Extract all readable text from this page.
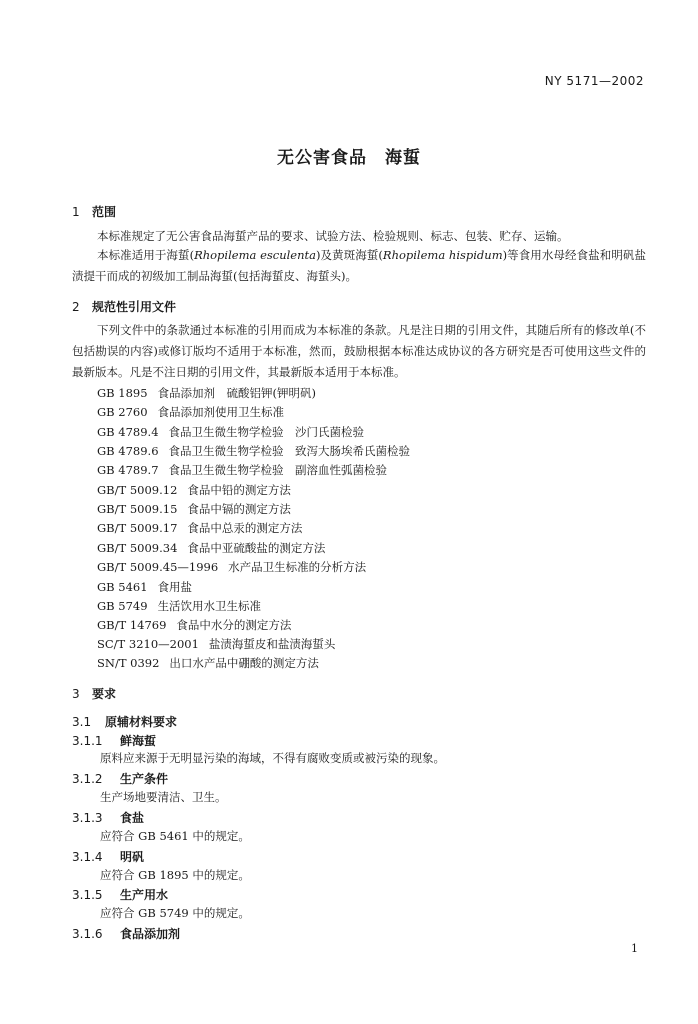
NY 5171—2002
无公害食品 海蜇
1 范围
本标准规定了无公害食品海蜇产品的要求、试验方法、检验规则、标志、包装、贮存、运输。
本标准适用于海蜇(Rhopilema esculenta)及黄斑海蜇(Rhopilema hispidum)等食用水母经食盐和明矾盐渍提干而成的初级加工制品海蜇(包括海蜇皮、海蜇头)。
2 规范性引用文件
下列文件中的条款通过本标准的引用而成为本标准的条款。凡是注日期的引用文件，其随后所有的修改单(不包括勘误的内容)或修订版均不适用于本标准，然而，鼓励根据本标准达成协议的各方研究是否可使用这些文件的最新版本。凡是不注日期的引用文件，其最新版本适用于本标准。
GB 1895 食品添加剂　硫酸铝钾(钾明矾)
GB 2760 食品添加剂使用卫生标准
GB 4789.4 食品卫生微生物学检验　沙门氏菌检验
GB 4789.6 食品卫生微生物学检验　致泻大肠埃希氏菌检验
GB 4789.7 食品卫生微生物学检验　副溶血性弧菌检验
GB/T 5009.12 食品中铅的测定方法
GB/T 5009.15 食品中镉的测定方法
GB/T 5009.17 食品中总汞的测定方法
GB/T 5009.34 食品中亚硫酸盐的测定方法
GB/T 5009.45—1996 水产品卫生标准的分析方法
GB 5461 食用盐
GB 5749 生活饮用水卫生标准
GB/T 14769 食品中水分的测定方法
SC/T 3210—2001 盐渍海蜇皮和盐渍海蜇头
SN/T 0392 出口水产品中硼酸的测定方法
3 要求
3.1 原辅材料要求
3.1.1 鲜海蜇
原料应来源于无明显污染的海域，不得有腐败变质或被污染的现象。
3.1.2 生产条件
生产场地要清洁、卫生。
3.1.3 食盐
应符合 GB 5461 中的规定。
3.1.4 明矾
应符合 GB 1895 中的规定。
3.1.5 生产用水
应符合 GB 5749 中的规定。
3.1.6 食品添加剂
1
